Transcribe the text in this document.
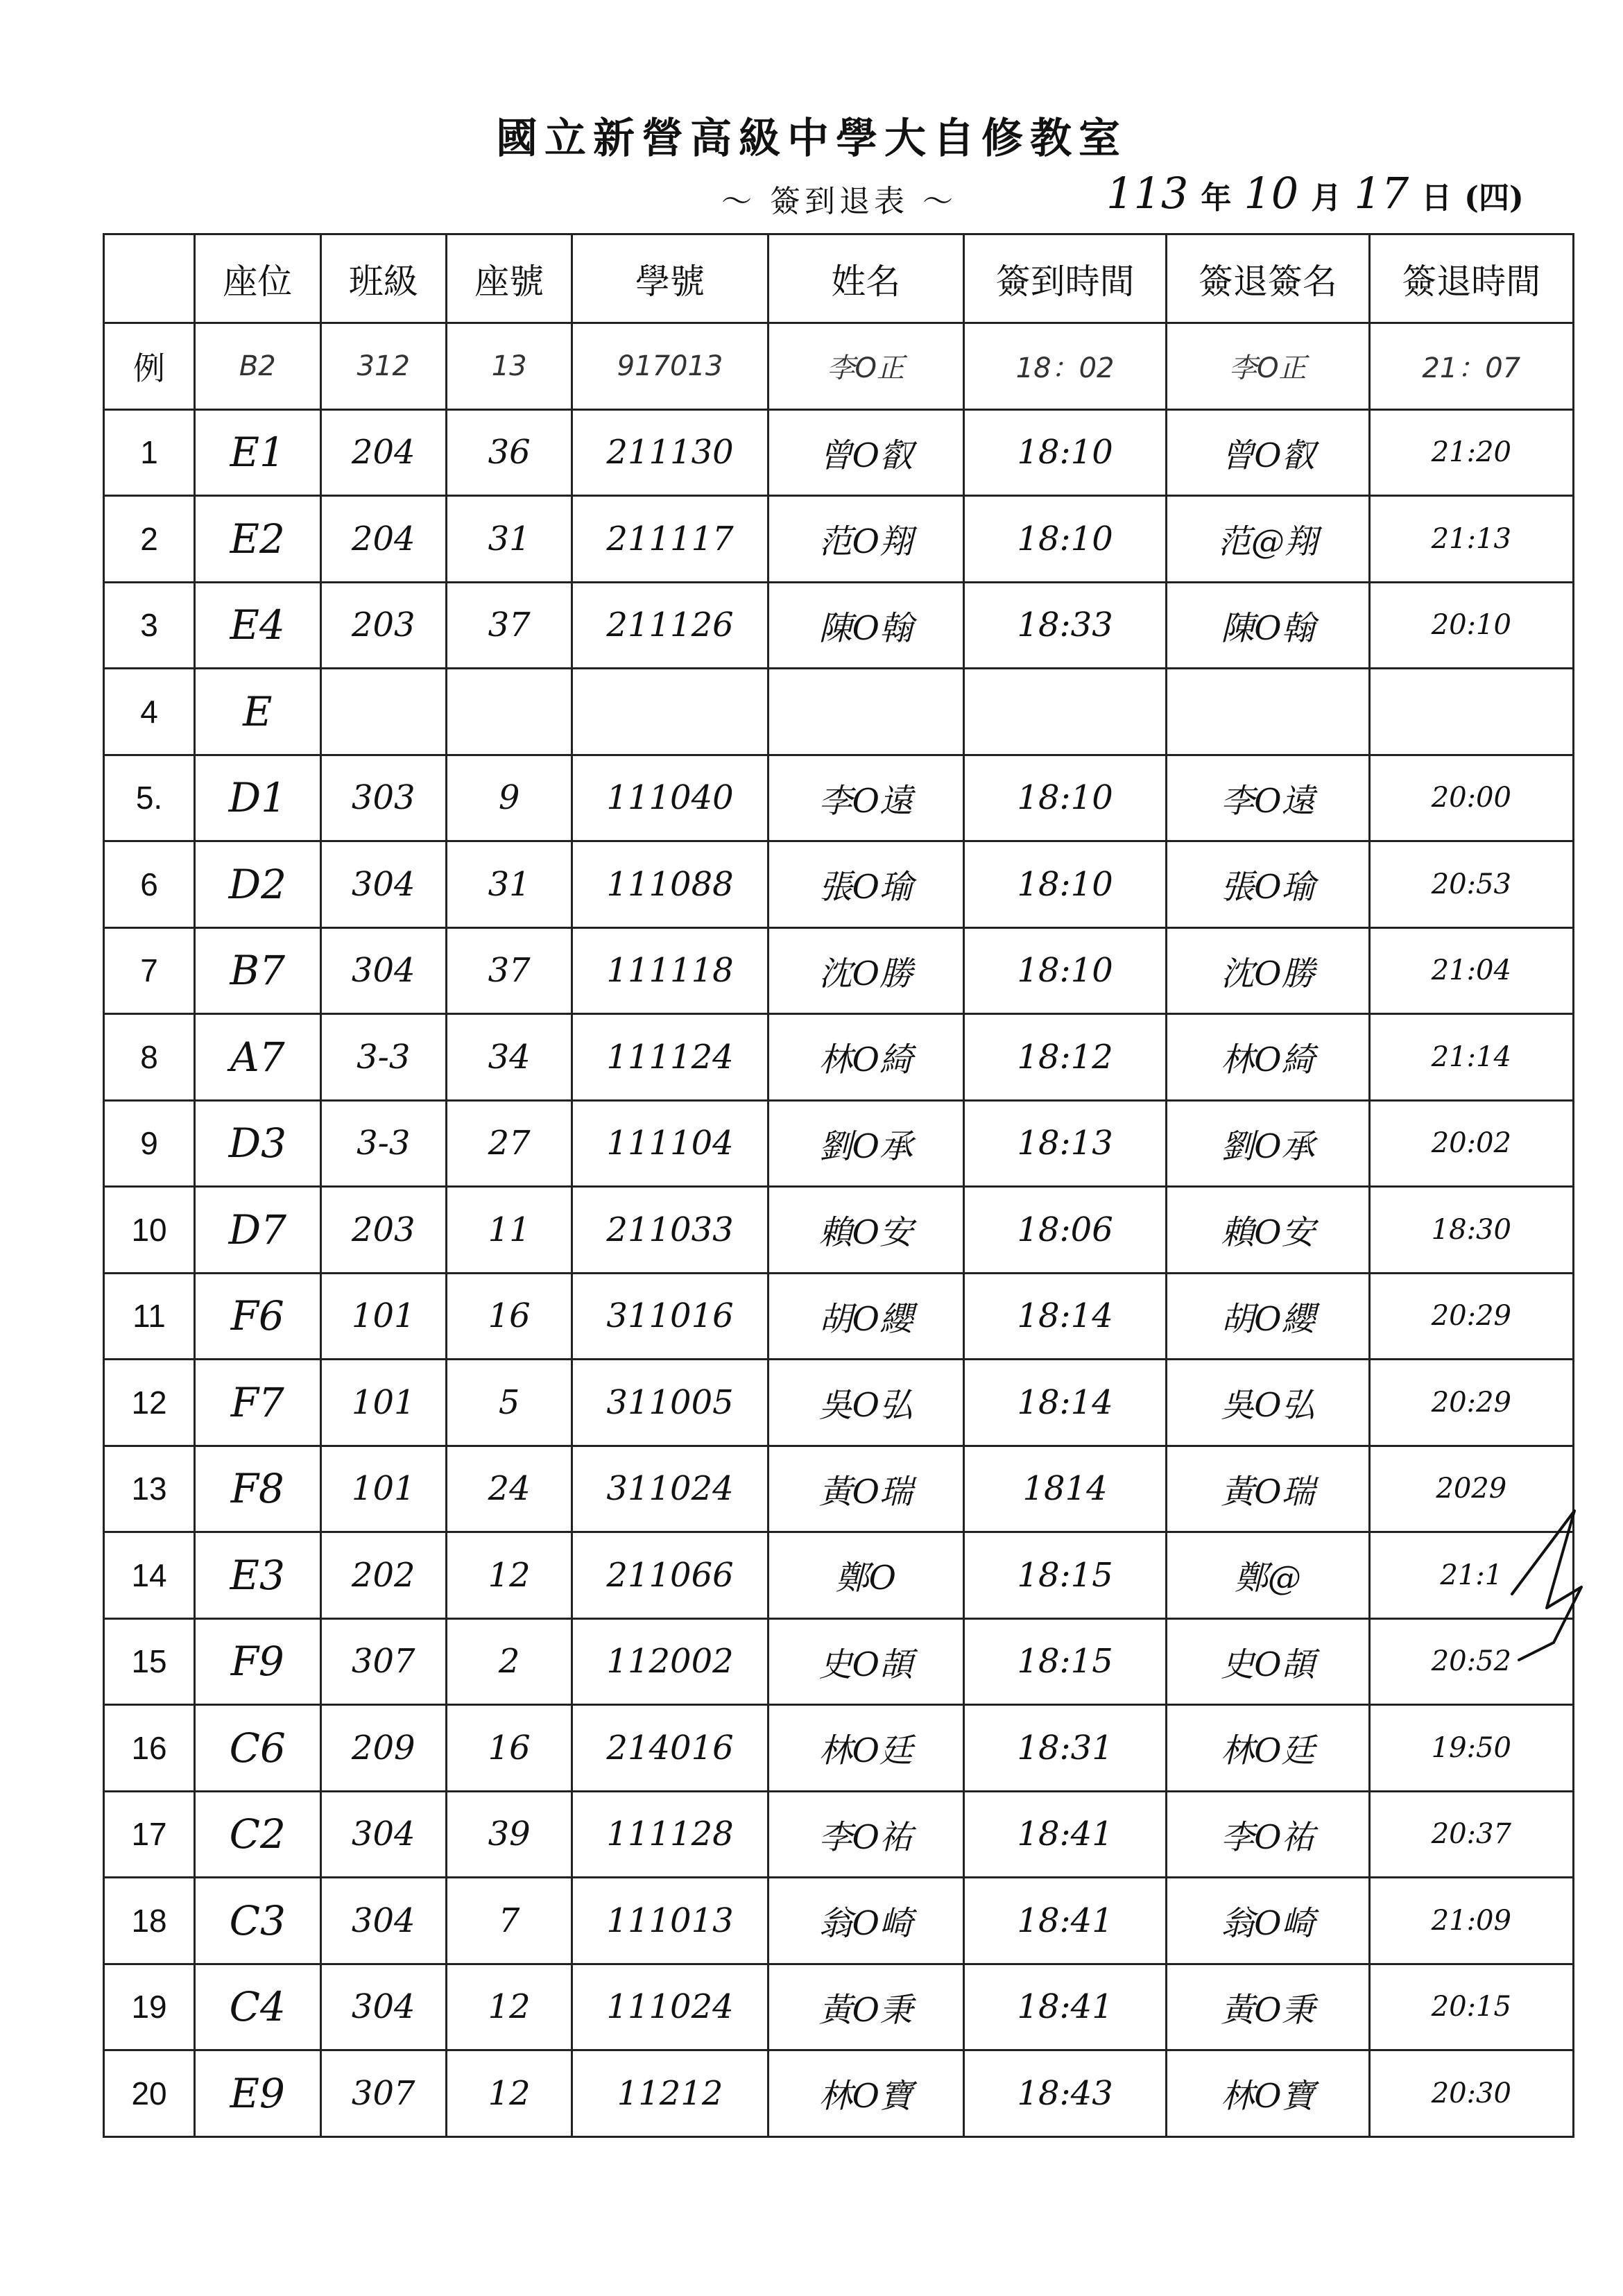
國立新營高級中學大自修教室
～ 簽到退表 ～	113 年 10 月 17 日 (四)
	座位	班級	座號	學號	姓名	簽到時間	簽退簽名	簽退時間
例	B2	312	13	917013	李O正	18：02	李O正	21：07
1	E1	204	36	211130	曾O叡	18:10	曾O叡	21:20
2	E2	204	31	211117	范O翔	18:10	范@翔	21:13
3	E4	203	37	211126	陳O翰	18:33	陳O翰	20:10
4	E							
5.	D1	303	9	111040	李O遠	18:10	李O遠	20:00
6	D2	304	31	111088	張O瑜	18:10	張O瑜	20:53
7	B7	304	37	111118	沈O勝	18:10	沈O勝	21:04
8	A7	3-3	34	111124	林O綺	18:12	林O綺	21:14
9	D3	3-3	27	111104	劉O承	18:13	劉O承	20:02
10	D7	203	11	211033	賴O安	18:06	賴O安	18:30
11	F6	101	16	311016	胡O纓	18:14	胡O纓	20:29
12	F7	101	5	311005	吳O弘	18:14	吳O弘	20:29
13	F8	101	24	311024	黃O瑞	1814	黃O瑞	2029
14	E3	202	12	211066	鄭O	18:15	鄭@	21:1
15	F9	307	2	112002	史O頡	18:15	史O頡	20:52
16	C6	209	16	214016	林O廷	18:31	林O廷	19:50
17	C2	304	39	111128	李O祐	18:41	李O祐	20:37
18	C3	304	7	111013	翁O崎	18:41	翁O崎	21:09
19	C4	304	12	111024	黃O秉	18:41	黃O秉	20:15
20	E9	307	12	11212	林O寶	18:43	林O寶	20:30
